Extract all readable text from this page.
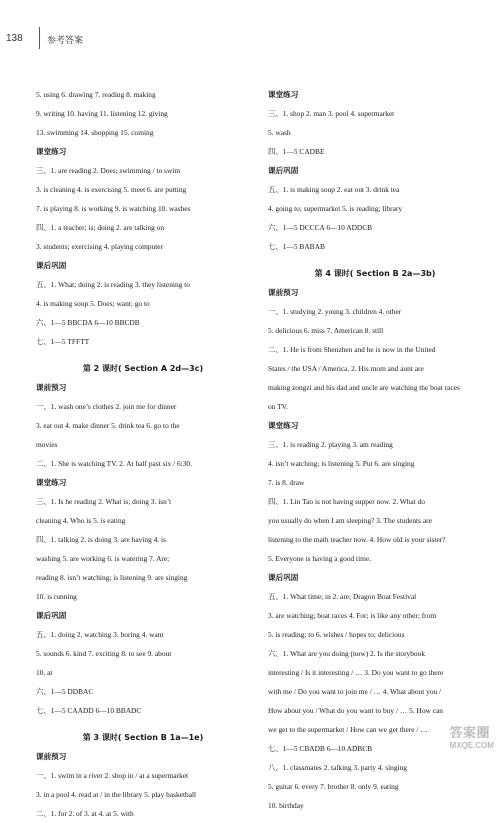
138	参考答案
5. using 6. drawing 7. reading 8. making
9. writing 10. having 11. listening 12. giving
13. swimming 14. shopping 15. coming
课堂练习
三、1. are reading 2. Does; swimming / to swim
3. is cleaning 4. is exercising 5. meet 6. are putting
7. is playing 8. is working 9. is watching 10. washes
四、1. a teacher; is; doing 2. are talking on
3. students; exercising 4. playing computer
课后巩固
五、1. What; doing 2. is reading 3. they listening to
4. is making soup 5. Does; want; go to
六、1—5 BBCDA 6—10 BBCDB
七、1—5 TFFTT
第 2 课时( Section A 2d—3c)
课前预习
一、1. wash one’s clothes 2. join me for dinner
3. eat out 4. make dinner 5. drink tea 6. go to the
movies
二、1. She is watching TV. 2. At half past six / 6:30.
课堂练习
三、1. Is he reading 2. What is; doing 3. isn’t
cleaning 4. Who is 5. is eating
四、1. talking 2. is doing 3. are having 4. is
washing 5. are working 6. is watering 7. Are;
reading 8. isn’t watching; is listening 9. are singing
10. is running
课后巩固
五、1. doing 2. watching 3. boring 4. want
5. sounds 6. kind 7. exciting 8. to see 9. about
10. at
六、1—5 DDBAC
七、1—5 CAADD 6—10 BBADC
第 3 课时( Section B 1a—1e)
课前预习
一、1. swim in a river 2. shop in / at a supermarket
3. in a pool 4. read at / in the library 5. play basketball
二、1. for 2. of 3. at 4. at 5. with
课堂练习
三、1. shop 2. man 3. pool 4. supermarket
5. wash
四、1—5 CADBE
课后巩固
五、1. is making soup 2. eat out 3. drink tea
4. going to; supermarket 5. is reading; library
六、1—5 DCCCA 6—10 ADDCB
七、1—5 BABAB
第 4 课时( Section B 2a—3b)
课前预习
一、1. studying 2. young 3. children 4. other
5. delicious 6. miss 7. American 8. still
二、1. He is from Shenzhen and he is now in the United
States / the USA / America. 2. His mom and aunt are
making zongzi and his dad and uncle are watching the boat races
on TV.
课堂练习
三、1. is reading 2. playing 3. am reading
4. isn’t watching; is listening 5. Put 6. are singing
7. is 8. draw
四、1. Lin Tao is not having supper now. 2. What do
you usually do when I am sleeping? 3. The students are
listening to the math teacher now. 4. How old is your sister?
5. Everyone is having a good time.
课后巩固
五、1. What time; in 2. are; Dragon Boat Festival
3. are watching; boat races 4. For; is like any other; from
5. is reading; to 6. wishes / hopes to; delicious
六、1. What are you doing (now) 2. Is the storybook
interesting / Is it interesting / … 3. Do you want to go there
with me / Do you want to join me / … 4. What about you /
How about you / What do you want to buy / … 5. How can
we get to the supermarket / How can we get there / …
七、1—5 CBADB 6—10 ADBCB
八、1. classmates 2. talking 3. party 4. singing
5. guitar 6. every 7. brother 8. only 9. eating
10. birthday
答案圈
MXQE.COM
